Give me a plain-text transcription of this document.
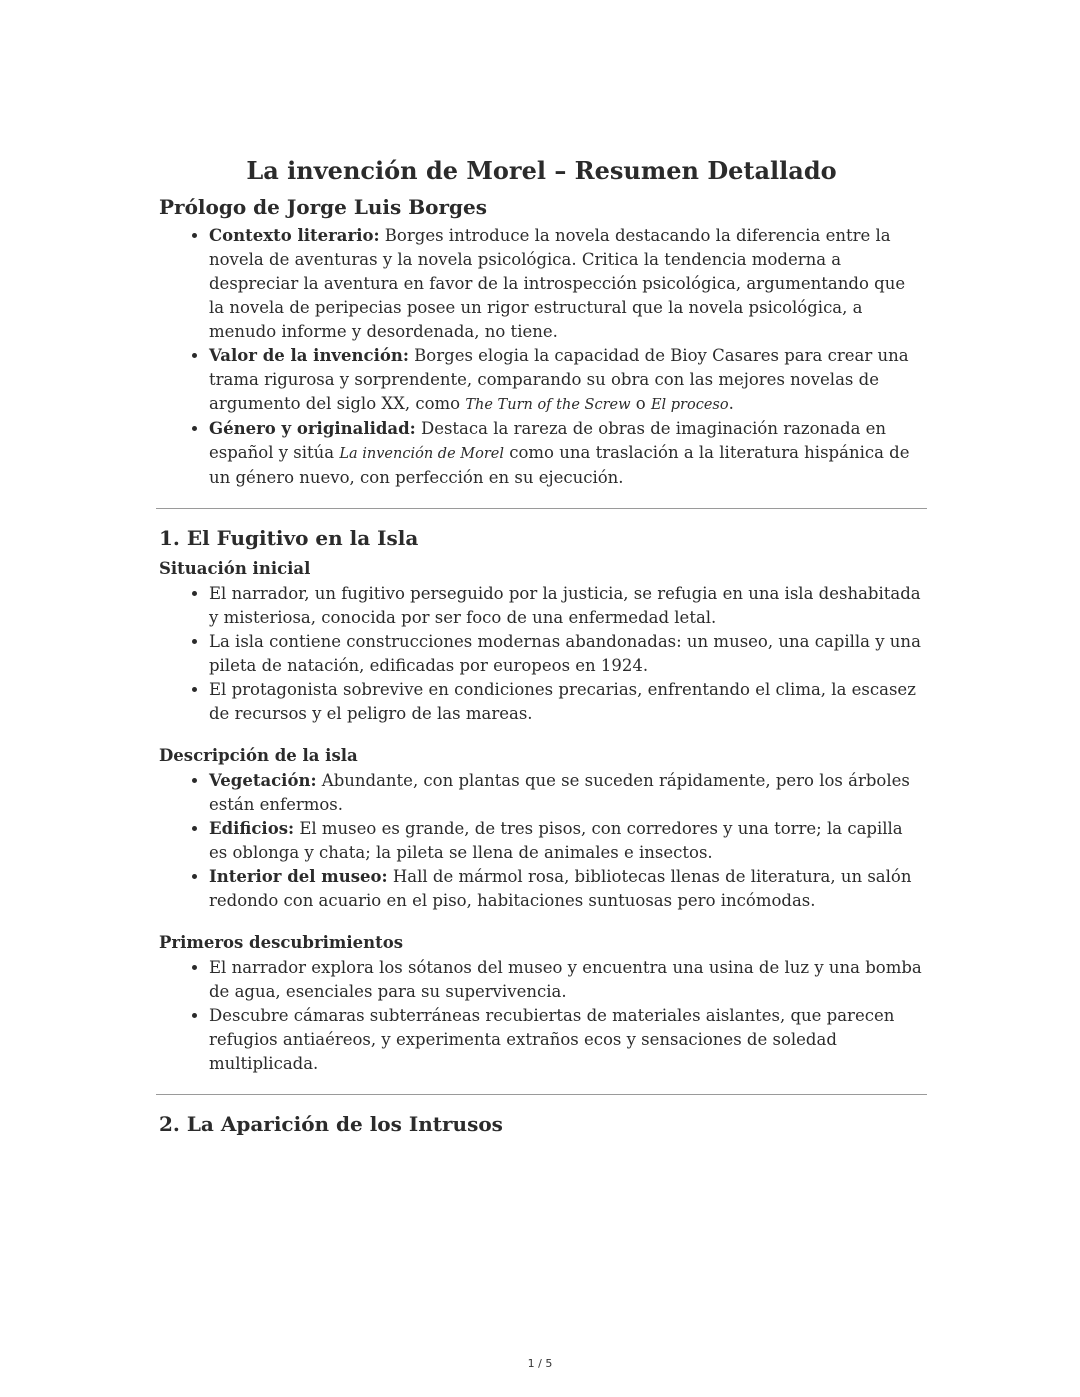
La invención de Morel – Resumen Detallado
Prólogo de Jorge Luis Borges
• Contexto literario: Borges introduce la novela destacando la diferencia entre la novela de aventuras y la novela psicológica. Critica la tendencia moderna a despreciar la aventura en favor de la introspección psicológica, argumentando que la novela de peripecias posee un rigor estructural que la novela psicológica, a menudo informe y desordenada, no tiene.
• Valor de la invención: Borges elogia la capacidad de Bioy Casares para crear una trama rigurosa y sorprendente, comparando su obra con las mejores novelas de argumento del siglo XX, como The Turn of the Screw o El proceso.
• Género y originalidad: Destaca la rareza de obras de imaginación razonada en español y sitúa La invención de Morel como una traslación a la literatura hispánica de un género nuevo, con perfección en su ejecución.
1. El Fugitivo en la Isla
Situación inicial
• El narrador, un fugitivo perseguido por la justicia, se refugia en una isla deshabitada y misteriosa, conocida por ser foco de una enfermedad letal.
• La isla contiene construcciones modernas abandonadas: un museo, una capilla y una pileta de natación, edificadas por europeos en 1924.
• El protagonista sobrevive en condiciones precarias, enfrentando el clima, la escasez de recursos y el peligro de las mareas.
Descripción de la isla
• Vegetación: Abundante, con plantas que se suceden rápidamente, pero los árboles están enfermos.
• Edificios: El museo es grande, de tres pisos, con corredores y una torre; la capilla es oblonga y chata; la pileta se llena de animales e insectos.
• Interior del museo: Hall de mármol rosa, bibliotecas llenas de literatura, un salón redondo con acuario en el piso, habitaciones suntuosas pero incómodas.
Primeros descubrimientos
• El narrador explora los sótanos del museo y encuentra una usina de luz y una bomba de agua, esenciales para su supervivencia.
• Descubre cámaras subterráneas recubiertas de materiales aislantes, que parecen refugios antiaéreos, y experimenta extraños ecos y sensaciones de soledad multiplicada.
2. La Aparición de los Intrusos
1 / 5
